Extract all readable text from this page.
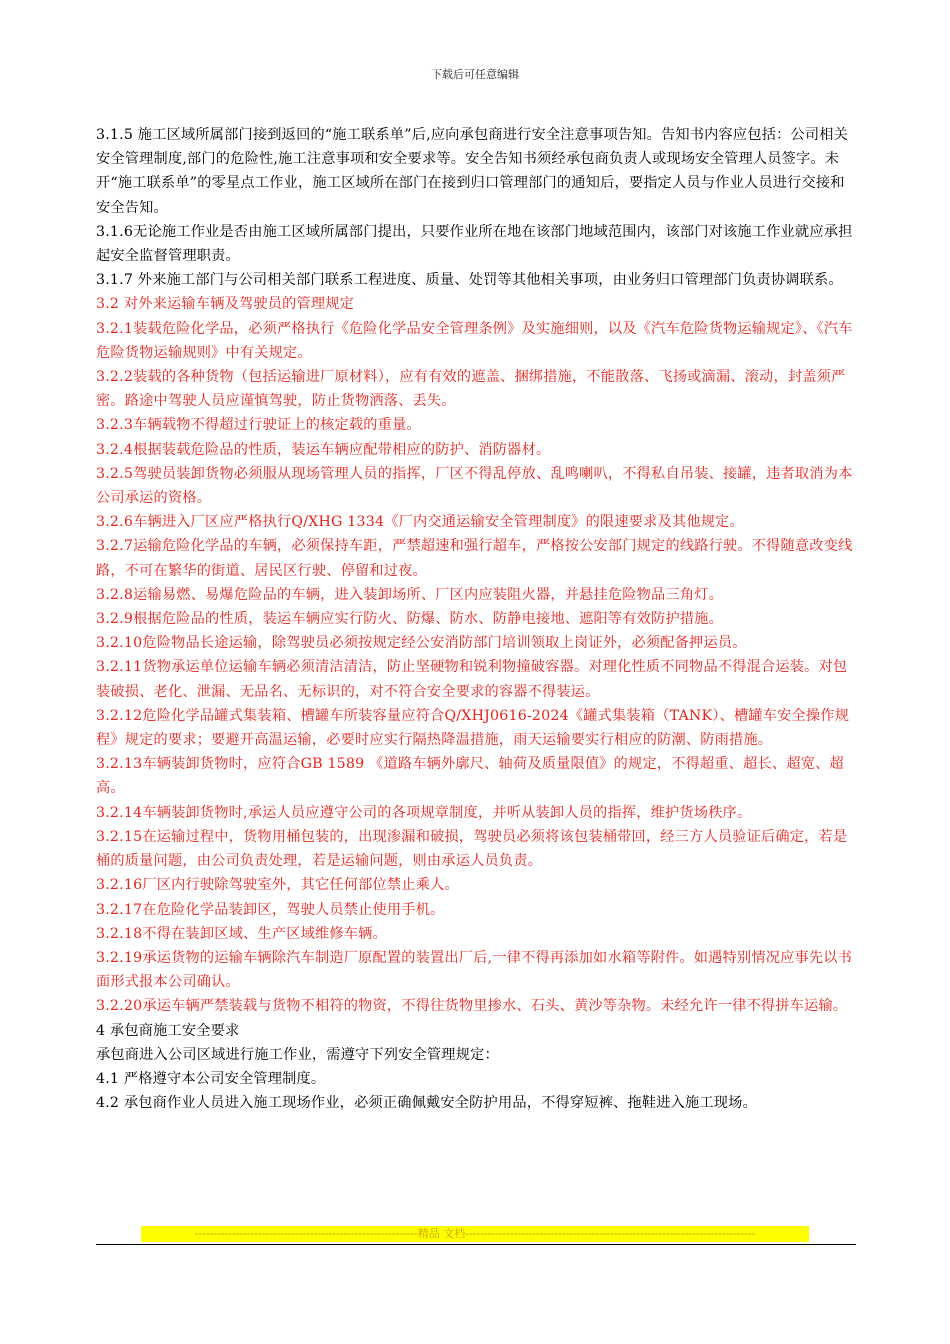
下载后可任意编辑

3.1.5 施工区域所属部门接到返回的“施工联系单”后,应向承包商进行安全注意事项告知。告知书内容应包括：公司相关安全管理制度,部门的危险性,施工注意事项和安全要求等。安全告知书须经承包商负责人或现场安全管理人员签字。未开“施工联系单”的零星点工作业，施工区域所在部门在接到归口管理部门的通知后，要指定人员与作业人员进行交接和安全告知。

3.1.6无论施工作业是否由施工区域所属部门提出，只要作业所在地在该部门地域范围内，该部门对该施工作业就应承担起安全监督管理职责。

3.1.7 外来施工部门与公司相关部门联系工程进度、质量、处罚等其他相关事项，由业务归口管理部门负责协调联系。

3.2 对外来运输车辆及驾驶员的管理规定

3.2.1装载危险化学品，必须严格执行《危险化学品安全管理条例》及实施细则，以及《汽车危险货物运输规定》、《汽车危险货物运输规则》中有关规定。

3.2.2装载的各种货物（包括运输进厂原材料），应有有效的遮盖、捆绑措施，不能散落、飞扬或滴漏、滚动，封盖须严密。路途中驾驶人员应谨慎驾驶，防止货物洒落、丢失。

3.2.3车辆载物不得超过行驶证上的核定载的重量。

3.2.4根据装载危险品的性质，装运车辆应配带相应的防护、消防器材。

3.2.5驾驶员装卸货物必须服从现场管理人员的指挥，厂区不得乱停放、乱鸣喇叭，不得私自吊装、接罐，违者取消为本公司承运的资格。

3.2.6车辆进入厂区应严格执行Q/XHG 1334《厂内交通运输安全管理制度》的限速要求及其他规定。

3.2.7运输危险化学品的车辆，必须保持车距，严禁超速和强行超车，严格按公安部门规定的线路行驶。不得随意改变线路，不可在繁华的街道、居民区行驶、停留和过夜。

3.2.8运输易燃、易爆危险品的车辆，进入装卸场所、厂区内应装阻火器，并悬挂危险物品三角灯。

3.2.9根据危险品的性质，装运车辆应实行防火、防爆、防水、防静电接地、遮阳等有效防护措施。

3.2.10危险物品长途运输，除驾驶员必须按规定经公安消防部门培训领取上岗证外，必须配备押运员。

3.2.11货物承运单位运输车辆必须清洁清洁，防止坚硬物和锐利物撞破容器。对理化性质不同物品不得混合运装。对包装破损、老化、泄漏、无品名、无标识的，对不符合安全要求的容器不得装运。

3.2.12危险化学品罐式集装箱、槽罐车所装容量应符合Q/XHJ0616-2024《罐式集装箱（TANK）、槽罐车安全操作规程》规定的要求；要避开高温运输，必要时应实行隔热降温措施，雨天运输要实行相应的防潮、防雨措施。

3.2.13车辆装卸货物时，应符合GB 1589 《道路车辆外廓尺、轴荷及质量限值》的规定，不得超重、超长、超宽、超高。

3.2.14车辆装卸货物时,承运人员应遵守公司的各项规章制度，并听从装卸人员的指挥，维护货场秩序。

3.2.15在运输过程中，货物用桶包装的，出现渗漏和破损，驾驶员必须将该包装桶带回，经三方人员验证后确定，若是桶的质量问题，由公司负责处理，若是运输问题，则由承运人员负责。

3.2.16厂区内行驶除驾驶室外，其它任何部位禁止乘人。

3.2.17在危险化学品装卸区，驾驶人员禁止使用手机。

3.2.18不得在装卸区域、生产区域维修车辆。

3.2.19承运货物的运输车辆除汽车制造厂原配置的装置出厂后,一律不得再添加如水箱等附件。如遇特别情况应事先以书面形式报本公司确认。

3.2.20承运车辆严禁装载与货物不相符的物资，不得往货物里掺水、石头、黄沙等杂物。未经允许一律不得拼车运输。

4 承包商施工安全要求

承包商进入公司区域进行施工作业，需遵守下列安全管理规定：

4.1 严格遵守本公司安全管理制度。

4.2 承包商作业人员进入施工现场作业，必须正确佩戴安全防护用品，不得穿短裤、拖鞋进入施工现场。

------------------------------------------------------------精品 文档------------------------------------------------------------------------------
